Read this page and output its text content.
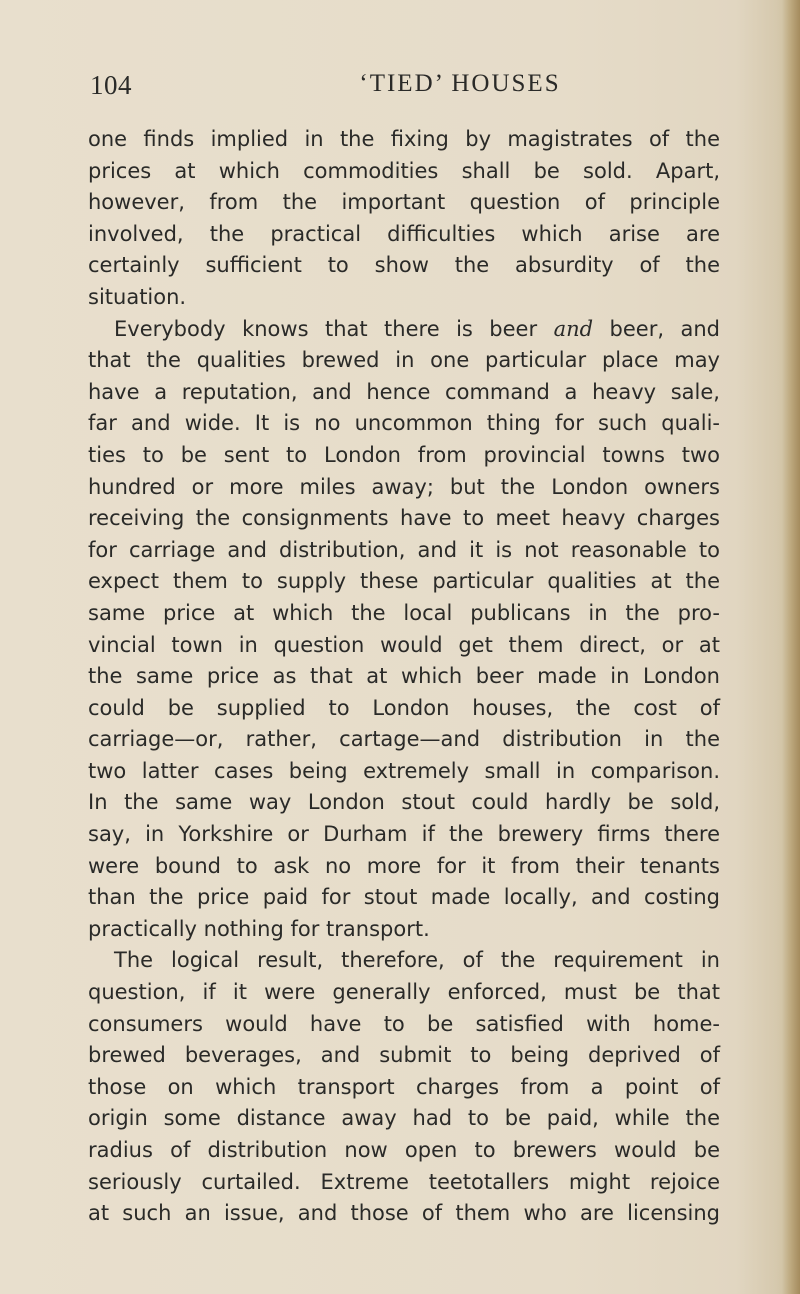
104	‘TIED’ HOUSES
one finds implied in the fixing by magistrates of the
prices at which commodities shall be sold. Apart,
however, from the important question of principle
involved, the practical difficulties which arise are
certainly sufficient to show the absurdity of the
situation.
Everybody knows that there is beer and beer, and
that the qualities brewed in one particular place may
have a reputation, and hence command a heavy sale,
far and wide. It is no uncommon thing for such quali-
ties to be sent to London from provincial towns two
hundred or more miles away; but the London owners
receiving the consignments have to meet heavy charges
for carriage and distribution, and it is not reasonable to
expect them to supply these particular qualities at the
same price at which the local publicans in the pro-
vincial town in question would get them direct, or at
the same price as that at which beer made in London
could be supplied to London houses, the cost of
carriage—or, rather, cartage—and distribution in the
two latter cases being extremely small in comparison.
In the same way London stout could hardly be sold,
say, in Yorkshire or Durham if the brewery firms there
were bound to ask no more for it from their tenants
than the price paid for stout made locally, and costing
practically nothing for transport.
The logical result, therefore, of the requirement in
question, if it were generally enforced, must be that
consumers would have to be satisfied with home-
brewed beverages, and submit to being deprived of
those on which transport charges from a point of
origin some distance away had to be paid, while the
radius of distribution now open to brewers would be
seriously curtailed. Extreme teetotallers might rejoice
at such an issue, and those of them who are licensing
